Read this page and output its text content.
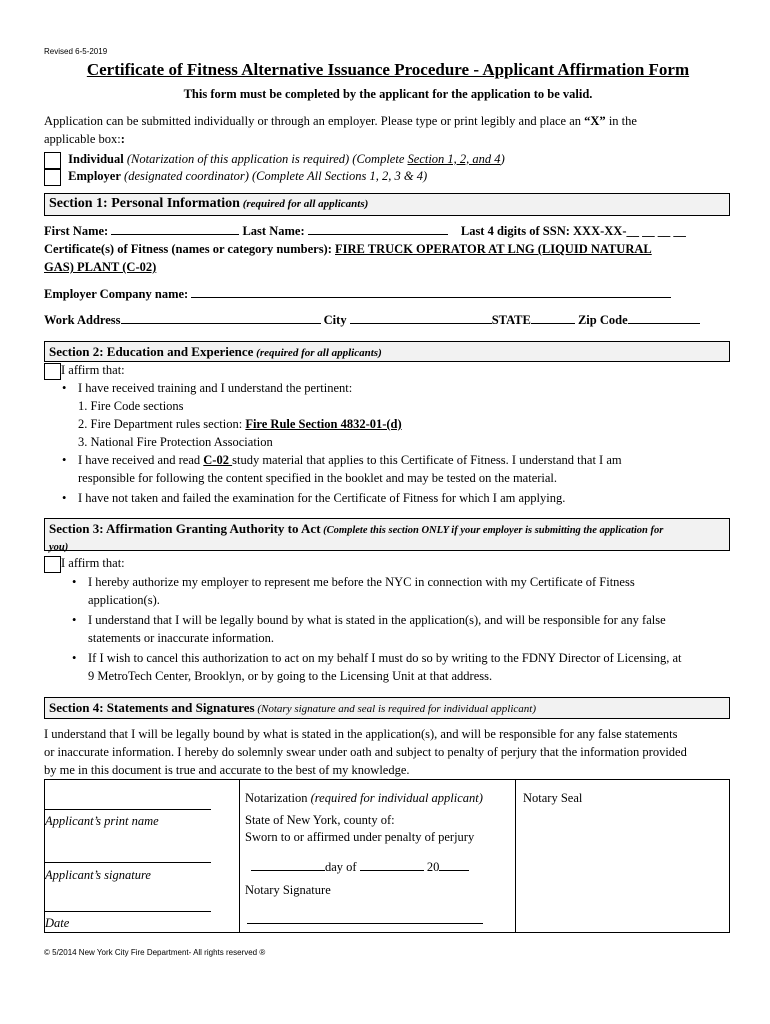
Revised 6-5-2019
Certificate of Fitness Alternative Issuance Procedure - Applicant Affirmation Form
This form must be completed by the applicant for the application to be valid.
Application can be submitted individually or through an employer. Please type or print legibly and place an “X” in the
applicable box::
Individual (Notarization of this application is required) (Complete Section 1, 2, and 4)
Employer (designated coordinator) (Complete All Sections 1, 2, 3 & 4)
Section 1: Personal Information (required for all applicants)
First Name:	Last Name:	Last 4 digits of SSN: XXX-XX-__ __ __ __
Certificate(s) of Fitness (names or category numbers): FIRE TRUCK OPERATOR AT LNG (LIQUID NATURAL
GAS) PLANT (C-02)
Employer Company name:
Work Address	City	STATE	Zip Code
Section 2: Education and Experience (required for all applicants)
I affirm that:
• I have received training and I understand the pertinent:
1. Fire Code sections
2. Fire Department rules section: Fire Rule Section 4832-01-(d)
3. National Fire Protection Association
• I have received and read C-02 study material that applies to this Certificate of Fitness. I understand that I am
responsible for following the content specified in the booklet and may be tested on the material.
• I have not taken and failed the examination for the Certificate of Fitness for which I am applying.
Section 3: Affirmation Granting Authority to Act (Complete this section ONLY if your employer is submitting the application for
you)
I affirm that:
• I hereby authorize my employer to represent me before the NYC in connection with my Certificate of Fitness
application(s).
• I understand that I will be legally bound by what is stated in the application(s), and will be responsible for any false
statements or inaccurate information.
• If I wish to cancel this authorization to act on my behalf I must do so by writing to the FDNY Director of Licensing, at
9 MetroTech Center, Brooklyn, or by going to the Licensing Unit at that address.
Section 4: Statements and Signatures (Notary signature and seal is required for individual applicant)
I understand that I will be legally bound by what is stated in the application(s), and will be responsible for any false statements
or inaccurate information. I hereby do solemnly swear under oath and subject to penalty of perjury that the information provided
by me in this document is true and accurate to the best of my knowledge.
Applicant’s print name
Applicant’s signature
Date
Notarization (required for individual applicant)
State of New York, county of:
Sworn to or affirmed under penalty of perjury
day of	20
Notary Signature
Notary Seal
© 5/2014 New York City Fire Department- All rights reserved ®
